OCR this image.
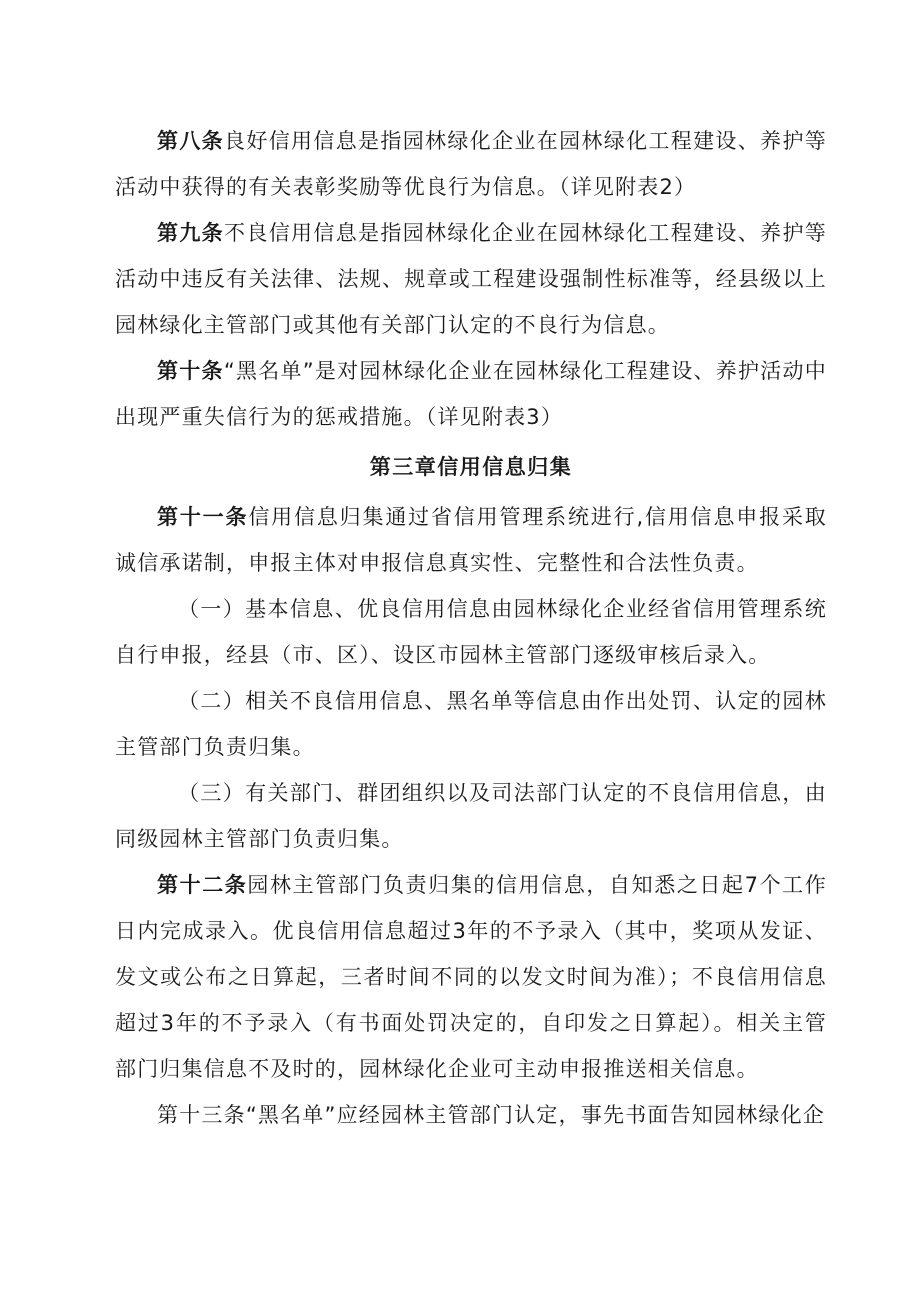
第八条良好信用信息是指园林绿化企业在园林绿化工程建设、养护等活动中获得的有关表彰奖励等优良行为信息。（详见附表2）

第九条不良信用信息是指园林绿化企业在园林绿化工程建设、养护等活动中违反有关法律、法规、规章或工程建设强制性标准等，经县级以上园林绿化主管部门或其他有关部门认定的不良行为信息。

第十条“黑名单”是对园林绿化企业在园林绿化工程建设、养护活动中出现严重失信行为的惩戒措施。（详见附表3）

第三章信用信息归集

第十一条信用信息归集通过省信用管理系统进行,信用信息申报采取诚信承诺制，申报主体对申报信息真实性、完整性和合法性负责。

（一）基本信息、优良信用信息由园林绿化企业经省信用管理系统自行申报，经县（市、区）、设区市园林主管部门逐级审核后录入。

（二）相关不良信用信息、黑名单等信息由作出处罚、认定的园林主管部门负责归集。

（三）有关部门、群团组织以及司法部门认定的不良信用信息，由同级园林主管部门负责归集。

第十二条园林主管部门负责归集的信用信息，自知悉之日起7个工作日内完成录入。优良信用信息超过3年的不予录入（其中，奖项从发证、发文或公布之日算起，三者时间不同的以发文时间为准）；不良信用信息超过3年的不予录入（有书面处罚决定的，自印发之日算起）。相关主管部门归集信息不及时的，园林绿化企业可主动申报推送相关信息。

第十三条“黑名单”应经园林主管部门认定，事先书面告知园林绿化企
